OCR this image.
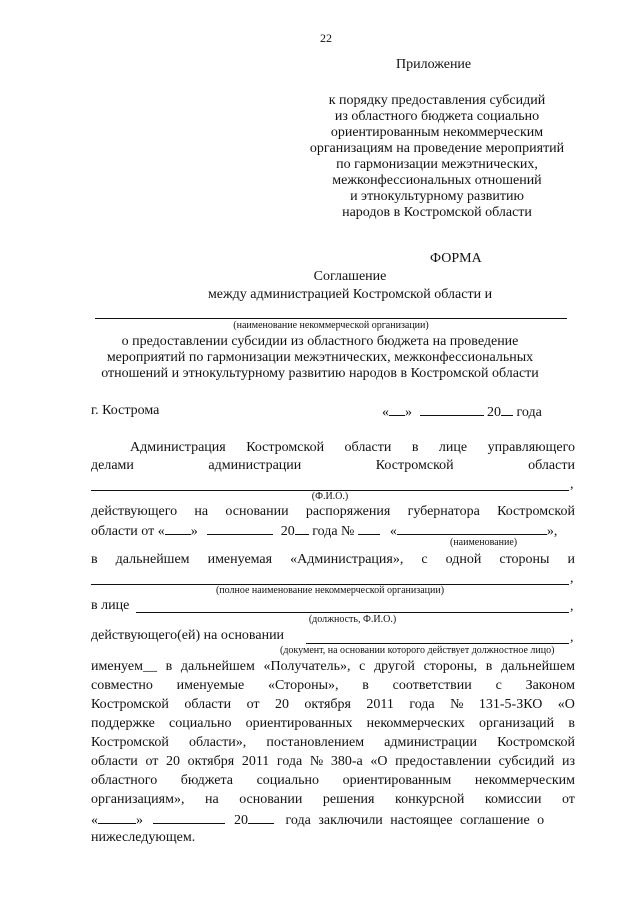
22
Приложение
к порядку предоставления субсидий
из областного бюджета социально
ориентированным некоммерческим
организациям на проведение мероприятий
по гармонизации межэтнических,
межконфессиональных отношений
и этнокультурному развитию
народов в Костромской области
ФОРМА
Соглашение
между администрацией Костромской области и
(наименование некоммерческой организации)
о предоставлении субсидии из областного бюджета на проведение
мероприятий по гармонизации межэтнических, межконфессиональных
отношений и этнокультурному развитию народов в Костромской области
г. Кострома	« »	20 года
Администрация Костромской области в лице управляющего
делами	администрации	Костромской	области
,
(Ф.И.О.)
действующего на основании распоряжения губернатора Костромской
области от « »	20 года №	«	»,
(наименование)
в дальнейшем именуемая «Администрация», с одной стороны и
,
(полное наименование некоммерческой организации)
в лице	,
(должность, Ф.И.О.)
действующего(ей) на основании	,
(документ, на основании которого действует должностное лицо)
именуем__ в дальнейшем «Получатель», с другой стороны, в дальнейшем
совместно именуемые «Стороны», в соответствии с Законом
Костромской области от 20 октября 2011 года № 131-5-ЗКО «О
поддержке социально ориентированных некоммерческих организаций в
Костромской области», постановлением администрации Костромской
области от 20 октября 2011 года № 380-а «О предоставлении субсидий из
областного бюджета социально ориентированным некоммерческим
организациям», на основании решения конкурсной комиссии от
«	»	20	года заключили настоящее соглашение о
нижеследующем.
